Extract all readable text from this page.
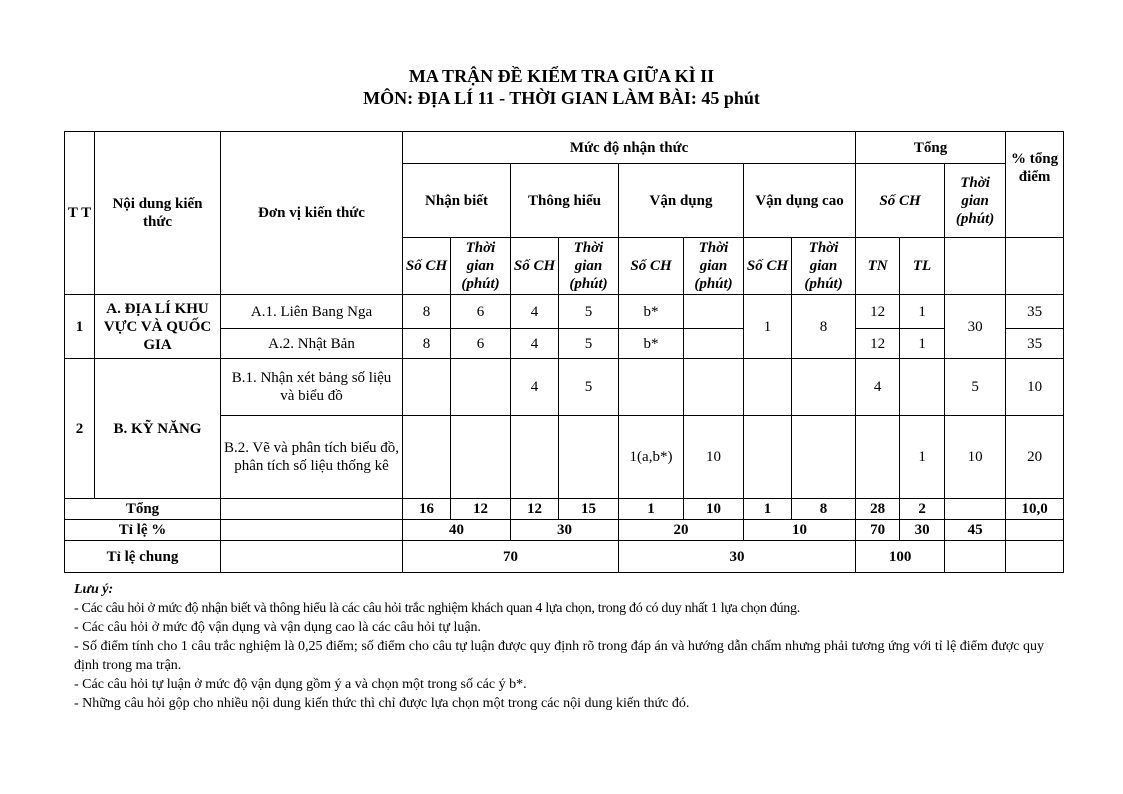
MA TRẬN ĐỀ KIỂM TRA GIỮA KÌ II
MÔN: ĐỊA LÍ 11 - THỜI GIAN LÀM BÀI: 45 phút
T T	Nội dung kiến thức	Đơn vị kiến thức	Mức độ nhận thức								Tổng			% tổng điểm
			Nhận biết		Thông hiểu		Vận dụng		Vận dụng cao		Số CH		Thời gian (phút)	
			Số CH	Thời gian (phút)	Số CH	Thời gian (phút)	Số CH	Thời gian (phút)	Số CH	Thời gian (phút)	TN	TL		
1	A. ĐỊA LÍ KHU VỰC VÀ QUỐC GIA	A.1. Liên Bang Nga	8	6	4	5	b*		1	8	12	1	30	35
		A.2. Nhật Bản	8	6	4	5	b*				12	1		35
2	B. KỸ NĂNG	B.1. Nhận xét bảng số liệu và biểu đồ			4	5					4		5	10
		B.2. Vẽ và phân tích biểu đồ, phân tích số liệu thống kê					1(a,b*)	10				1	10	20
Tổng			16	12	12	15	1	10	1	8	28	2		10,0
Tỉ lệ %			40		30		20		10		70	30	45	
Tỉ lệ chung			70				30				100			
Lưu ý:
- Các câu hỏi ở mức độ nhận biết và thông hiểu là các câu hỏi trắc nghiệm khách quan 4 lựa chọn, trong đó có duy nhất 1 lựa chọn đúng.
- Các câu hỏi ở mức độ vận dụng và vận dụng cao là các câu hỏi tự luận.
- Số điểm tính cho 1 câu trắc nghiệm là 0,25 điểm; số điểm cho câu tự luận được quy định rõ trong đáp án và hướng dẫn chấm nhưng phải tương ứng với tỉ lệ điểm được quy định trong ma trận.
- Các câu hỏi tự luận ở mức độ vận dụng gồm ý a và chọn một trong số các ý b*.
- Những câu hỏi gộp cho nhiều nội dung kiến thức thì chỉ được lựa chọn một trong các nội dung kiến thức đó.
